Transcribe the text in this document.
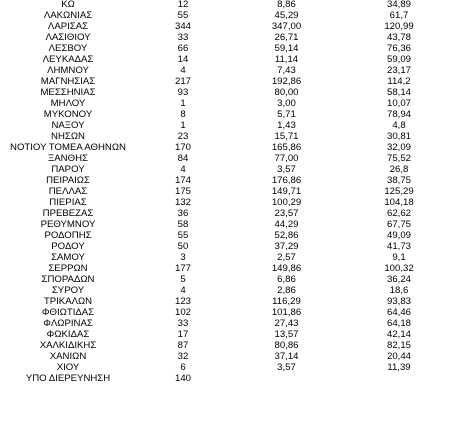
ΚΩ	12	8,86	34,89
ΛΑΚΩΝΙΑΣ	55	45,29	61,7
ΛΑΡΙΣΑΣ	344	347,00	120,99
ΛΑΣΙΘΙΟΥ	33	26,71	43,78
ΛΕΣΒΟΥ	66	59,14	76,36
ΛΕΥΚΑΔΑΣ	14	11,14	59,09
ΛΗΜΝΟΥ	4	7,43	23,17
ΜΑΓΝΗΣΙΑΣ	217	192,86	114,2
ΜΕΣΣΗΝΙΑΣ	93	80,00	58,14
ΜΗΛΟΥ	1	3,00	10,07
ΜΥΚΟΝΟΥ	8	5,71	78,94
ΝΑΞΟΥ	1	1,43	4,8
ΝΗΣΩΝ	23	15,71	30,81
ΝΟΤΙΟΥ ΤΟΜΕΑ ΑΘΗΝΩΝ	170	165,86	32,09
ΞΑΝΘΗΣ	84	77,00	75,52
ΠΑΡΟΥ	4	3,57	26,8
ΠΕΙΡΑΙΩΣ	174	176,86	38,75
ΠΕΛΛΑΣ	175	149,71	125,29
ΠΙΕΡΙΑΣ	132	100,29	104,18
ΠΡΕΒΕΖΑΣ	36	23,57	62,62
ΡΕΘΥΜΝΟΥ	58	44,29	67,75
ΡΟΔΟΠΗΣ	55	52,86	49,09
ΡΟΔΟΥ	50	37,29	41,73
ΣΑΜΟΥ	3	2,57	9,1
ΣΕΡΡΩΝ	177	149,86	100,32
ΣΠΟΡΑΔΩΝ	5	6,86	36,24
ΣΥΡΟΥ	4	2,86	18,6
ΤΡΙΚΑΛΩΝ	123	116,29	93,83
ΦΘΙΩΤΙΔΑΣ	102	101,86	64,46
ΦΛΩΡΙΝΑΣ	33	27,43	64,18
ΦΩΚΙΔΑΣ	17	13,57	42,14
ΧΑΛΚΙΔΙΚΗΣ	87	80,86	82,15
ΧΑΝΙΩΝ	32	37,14	20,44
ΧΙΟΥ	6	3,57	11,39
ΥΠΟ ΔΙΕΡΕΥΝΗΣΗ	140		
